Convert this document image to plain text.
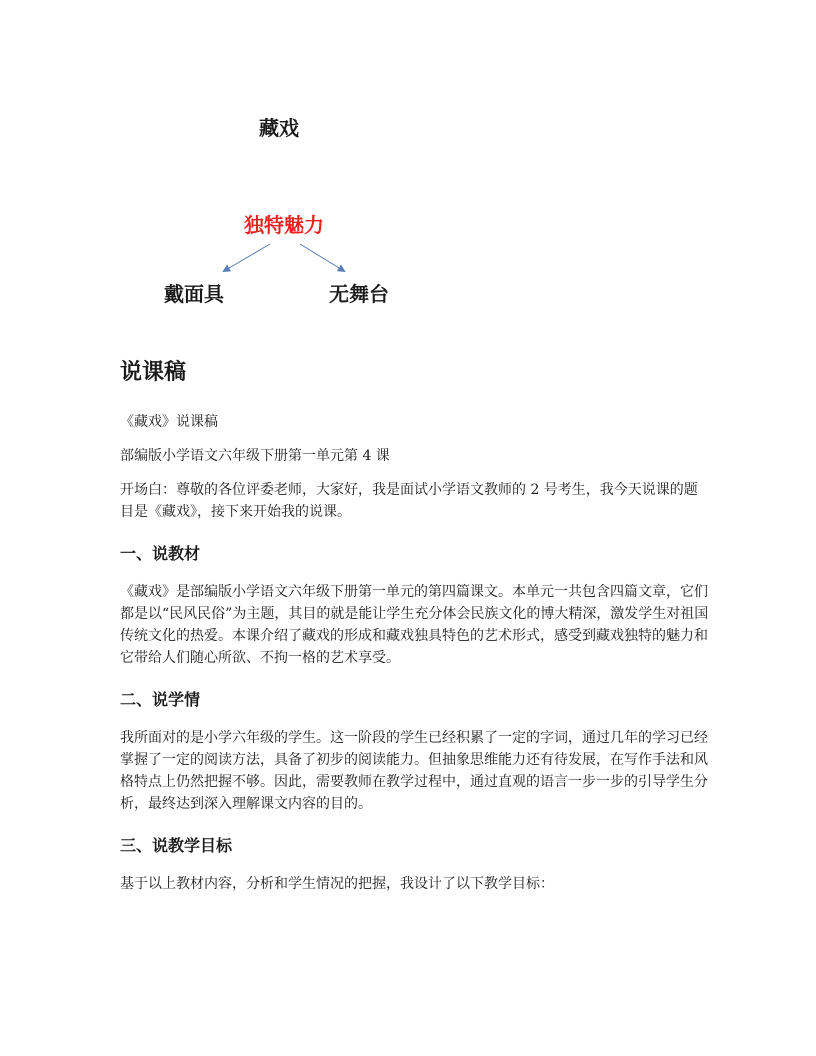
藏戏
独特魅力
戴面具	无舞台
说课稿

《藏戏》说课稿

部编版小学语文六年级下册第一单元第 4 课

开场白：尊敬的各位评委老师，大家好，我是面试小学语文教师的 2 号考生，我今天说课的题目是《藏戏》，接下来开始我的说课。

一、说教材

《藏戏》是部编版小学语文六年级下册第一单元的第四篇课文。本单元一共包含四篇文章，它们都是以“民风民俗”为主题，其目的就是能让学生充分体会民族文化的博大精深，激发学生对祖国传统文化的热爱。本课介绍了藏戏的形成和藏戏独具特色的艺术形式，感受到藏戏独特的魅力和它带给人们随心所欲、不拘一格的艺术享受。

二、说学情

我所面对的是小学六年级的学生。这一阶段的学生已经积累了一定的字词，通过几年的学习已经掌握了一定的阅读方法，具备了初步的阅读能力。但抽象思维能力还有待发展，在写作手法和风格特点上仍然把握不够。因此，需要教师在教学过程中，通过直观的语言一步一步的引导学生分析，最终达到深入理解课文内容的目的。

三、说教学目标

基于以上教材内容，分析和学生情况的把握，我设计了以下教学目标：
